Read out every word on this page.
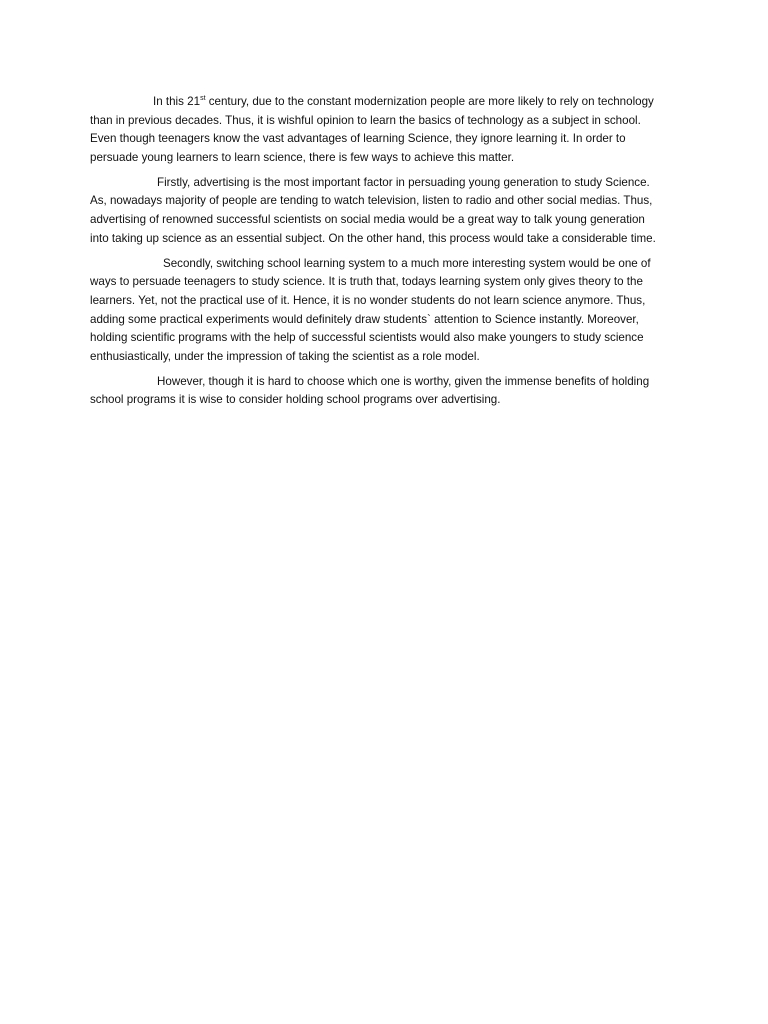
In this 21st century, due to the constant modernization people are more likely to rely on technology than in previous decades. Thus, it is wishful opinion to learn the basics of technology as a subject in school. Even though teenagers know the vast advantages of learning Science, they ignore learning it. In order to persuade young learners to learn science, there is few ways to achieve this matter.

Firstly, advertising is the most important factor in persuading young generation to study Science. As, nowadays majority of people are tending to watch television, listen to radio and other social medias. Thus, advertising of renowned successful scientists on social media would be a great way to talk young generation into taking up science as an essential subject. On the other hand, this process would take a considerable time.

Secondly, switching school learning system to a much more interesting system would be one of ways to persuade teenagers to study science. It is truth that, todays learning system only gives theory to the learners. Yet, not the practical use of it. Hence, it is no wonder students do not learn science anymore. Thus, adding some practical experiments would definitely draw students` attention to Science instantly. Moreover, holding scientific programs with the help of successful scientists would also make youngers to study science enthusiastically, under the impression of taking the scientist as a role model.

However, though it is hard to choose which one is worthy, given the immense benefits of holding school programs it is wise to consider holding school programs over advertising.
